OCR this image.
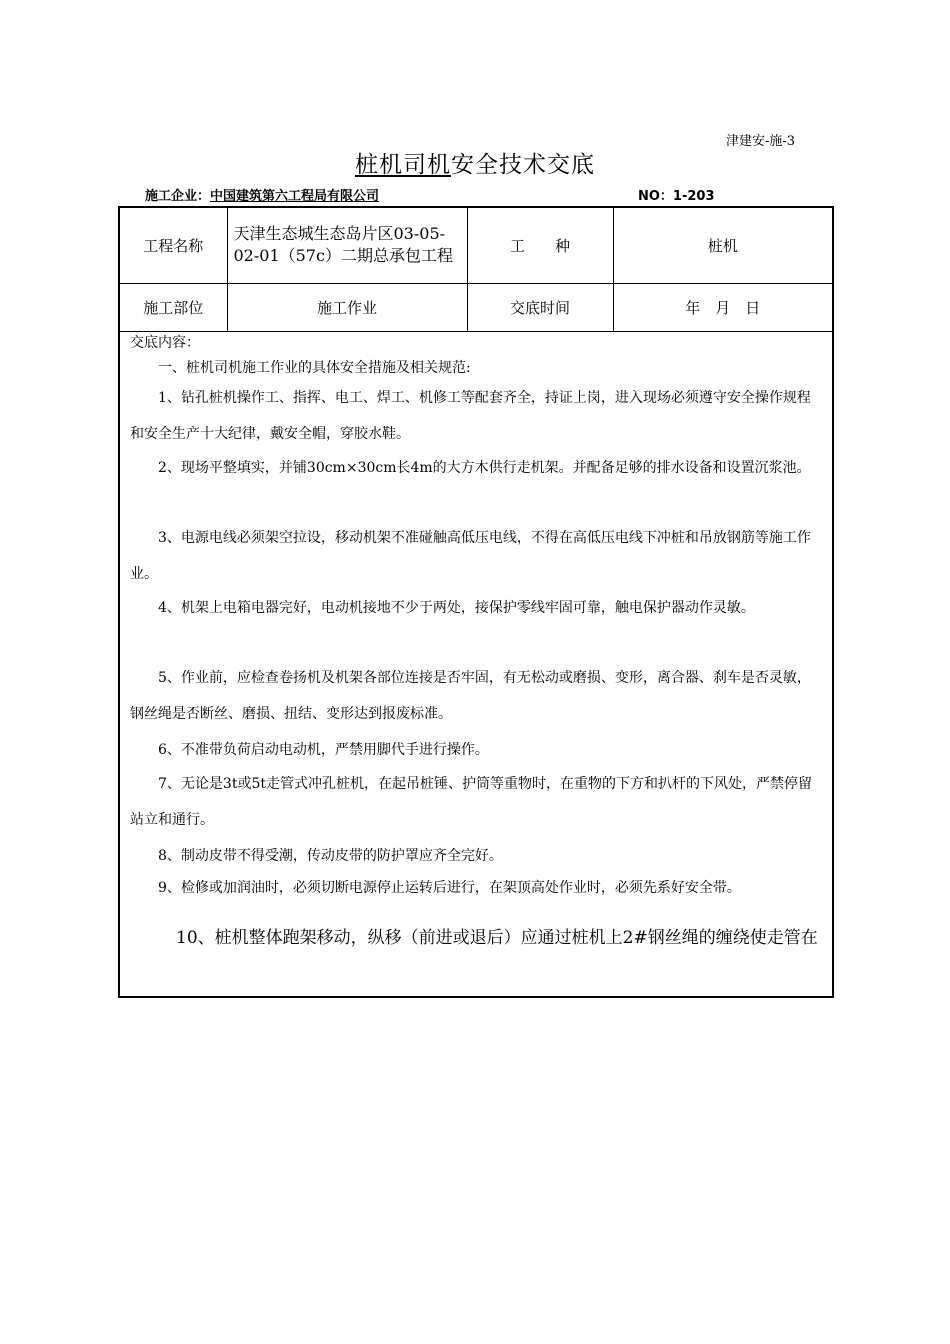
津建安-施-3
桩机司机安全技术交底
施工企业：中国建筑第六工程局有限公司	NO：1-203
工程名称	天津生态城生态岛片区03-05-02-01（57c）二期总承包工程	工　　种	桩机
施工部位	施工作业	交底时间	年　月　日
交底内容：
一、桩机司机施工作业的具体安全措施及相关规范:
1、钻孔桩机操作工、指挥、电工、焊工、机修工等配套齐全，持证上岗，进入现场必须遵守安全操作规程和安全生产十大纪律，戴安全帽，穿胶水鞋。
2、现场平整填实，并铺30cm×30cm长4m的大方木供行走机架。并配备足够的排水设备和设置沉浆池。
3、电源电线必须架空拉设，移动机架不准碰触高低压电线，不得在高低压电线下冲桩和吊放钢筋等施工作业。
4、机架上电箱电器完好，电动机接地不少于两处，接保护零线牢固可靠，触电保护器动作灵敏。
5、作业前，应检查卷扬机及机架各部位连接是否牢固，有无松动或磨损、变形，离合器、刹车是否灵敏，钢丝绳是否断丝、磨损、扭结、变形达到报废标准。
6、不准带负荷启动电动机，严禁用脚代手进行操作。
7、无论是3t或5t走管式冲孔桩机，在起吊桩锤、护筒等重物时，在重物的下方和扒杆的下风处，严禁停留站立和通行。
8、制动皮带不得受潮，传动皮带的防护罩应齐全完好。
9、检修或加润油时，必须切断电源停止运转后进行，在架顶高处作业时，必须先系好安全带。
10、桩机整体跑架移动，纵移（前进或退后）应通过桩机上2#钢丝绳的缠绕使走管在
